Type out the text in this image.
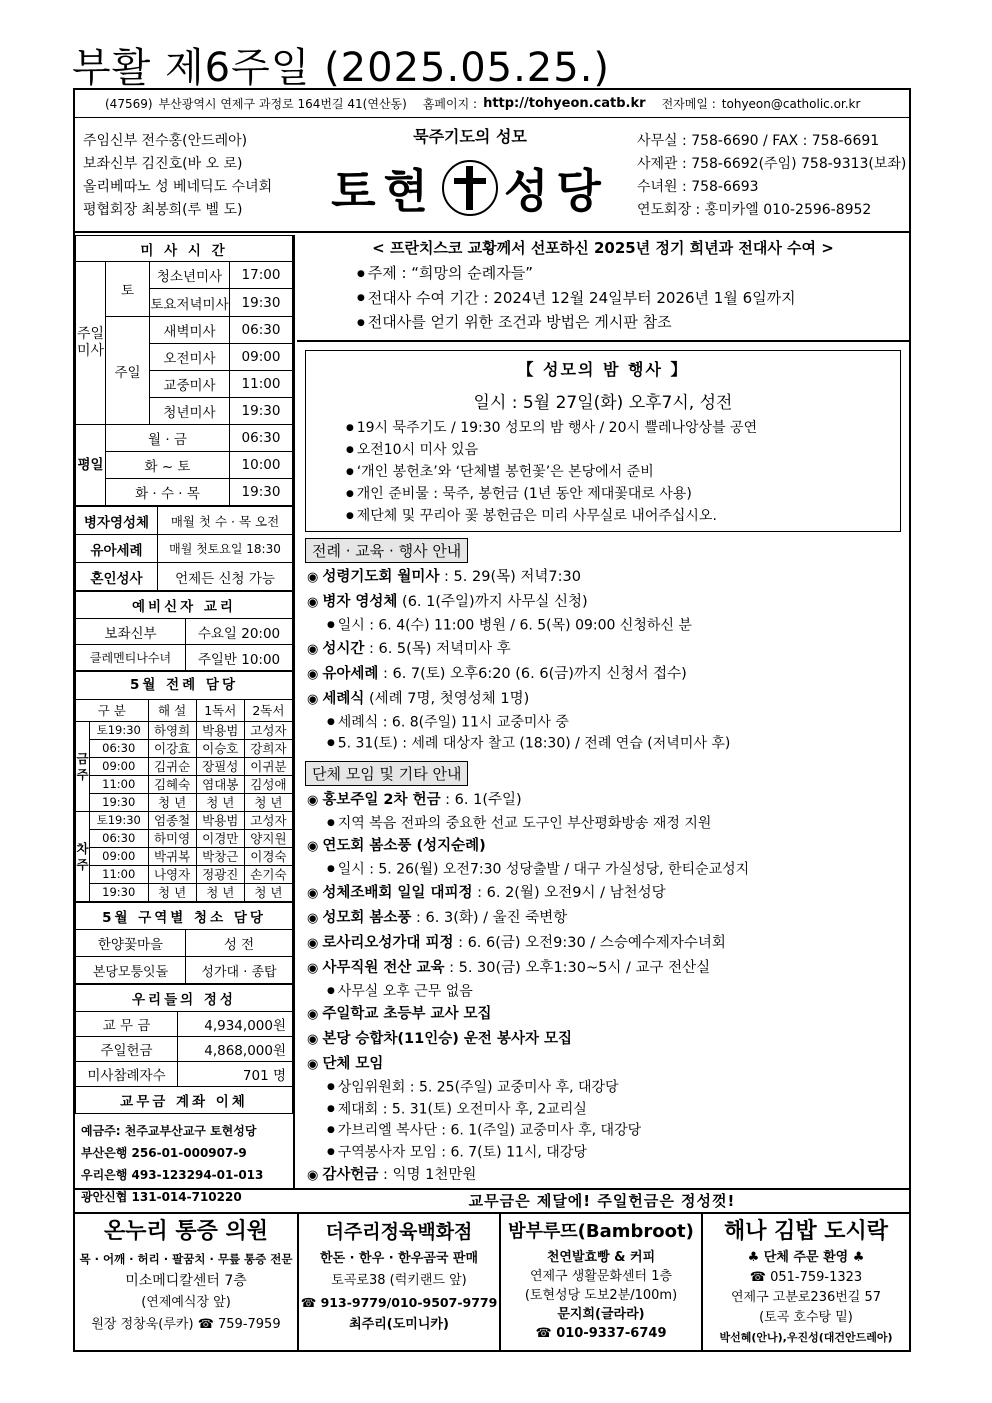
부활 제6주일 (2025.05.25.)
(47569) 부산광역시 연제구 과정로 164번길 41(연산동) 홈페이지 : http://tohyeon.catb.kr 전자메일 : tohyeon@catholic.or.kr
주임신부 전수홍(안드레아)
보좌신부 김진호(바 오 로)
올리베따노 성 베네딕도 수녀회
평협회장 최봉희(루 벨 도)
묵주기도의 성모
토현 성당
사무실 : 758-6690 / FAX : 758-6691
사제관 : 758-6692(주임) 758-9313(보좌)
수녀원 : 758-6693
연도회장 : 홍미카엘 010-2596-8952
미 사 시 간			
주일미사	토	청소년미사	17:00
		토요저녁미사	19:30
	주일	새벽미사	06:30
		오전미사	09:00
		교중미사	11:00
		청년미사	19:30
평일	월 · 금		06:30
	화 ~ 토		10:00
	화 · 수 · 목		19:30
병자영성체	매월 첫 수 · 목 오전
유아세례	매월 첫토요일 18:30
혼인성사	언제든 신청 가능
예비신자 교리	
보좌신부	수요일 20:00
클레멘티나수녀	주일반 10:00
5월 전례 담당				
구 분		해 설	1독서	2독서
금주	토19:30	하영희	박용범	고성자
	06:30	이강효	이승호	강희자
	09:00	김귀순	장필성	이귀분
	11:00	김혜숙	염대봉	김성애
	19:30	청 년	청 년	청 년
차주	토19:30	엄종철	박용범	고성자
	06:30	하미영	이경만	양지원
	09:00	박귀복	박창근	이경숙
	11:00	나영자	정광진	손기숙
	19:30	청 년	청 년	청 년
5월 구역별 청소 담당	
한양꽃마을	성 전
본당모퉁잇돌	성가대 · 종탑
우리들의 정성	
교 무 금	4,934,000원
주일헌금	4,868,000원
미사참례자수	701 명
교무금 계좌 이체	
예금주: 천주교부산교구 토현성당
부산은행 256-01-000907-9
우리은행 493-123294-01-013
광안신협 131-014-710220
< 프란치스코 교황께서 선포하신 2025년 정기 희년과 전대사 수여 >
● 주제 : “희망의 순례자들”
● 전대사 수여 기간 : 2024년 12월 24일부터 2026년 1월 6일까지
● 전대사를 얻기 위한 조건과 방법은 게시판 참조
【 성모의 밤 행사 】
일시 : 5월 27일(화) 오후7시, 성전
● 19시 묵주기도 / 19:30 성모의 밤 행사 / 20시 쁠레나앙상블 공연
● 오전10시 미사 있음
● ‘개인 봉헌초’와 ‘단체별 봉헌꽃’은 본당에서 준비
● 개인 준비물 : 묵주, 봉헌금 (1년 동안 제대꽃대로 사용)
● 제단체 및 꾸리아 꽃 봉헌금은 미리 사무실로 내어주십시오.
전례 · 교육 · 행사 안내
◉ 성령기도회 월미사 : 5. 29(목) 저녁7:30
◉ 병자 영성체 (6. 1(주일)까지 사무실 신청)
● 일시 : 6. 4(수) 11:00 병원 / 6. 5(목) 09:00 신청하신 분
◉ 성시간 : 6. 5(목) 저녁미사 후
◉ 유아세례 : 6. 7(토) 오후6:20 (6. 6(금)까지 신청서 접수)
◉ 세례식 (세례 7명, 첫영성체 1명)
● 세례식 : 6. 8(주일) 11시 교중미사 중
● 5. 31(토) : 세례 대상자 찰고 (18:30) / 전례 연습 (저녁미사 후)
단체 모임 및 기타 안내
◉ 홍보주일 2차 헌금 : 6. 1(주일)
● 지역 복음 전파의 중요한 선교 도구인 부산평화방송 재정 지원
◉ 연도회 봄소풍 (성지순례)
● 일시 : 5. 26(월) 오전7:30 성당출발 / 대구 가실성당, 한티순교성지
◉ 성체조배회 일일 대피정 : 6. 2(월) 오전9시 / 남천성당
◉ 성모회 봄소풍 : 6. 3(화) / 울진 죽변항
◉ 로사리오성가대 피정 : 6. 6(금) 오전9:30 / 스승예수제자수녀회
◉ 사무직원 전산 교육 : 5. 30(금) 오후1:30~5시 / 교구 전산실
● 사무실 오후 근무 없음
◉ 주일학교 초등부 교사 모집
◉ 본당 승합차(11인승) 운전 봉사자 모집
◉ 단체 모임
● 상임위원회 : 5. 25(주일) 교중미사 후, 대강당
● 제대회 : 5. 31(토) 오전미사 후, 2교리실
● 가브리엘 복사단 : 6. 1(주일) 교중미사 후, 대강당
● 구역봉사자 모임 : 6. 7(토) 11시, 대강당
◉ 감사헌금 : 익명 1천만원
교무금은 제달에! 주일헌금은 정성껏!
온누리 통증 의원
목 · 어깨 · 허리 · 팔꿈치 · 무릎 통증 전문
미소메디칼센터 7층
(연제예식장 앞)
원장 정창욱(루카) ☎ 759-7959
더주리정육백화점
한돈 · 한우 · 한우곰국 판매
토곡로38 (럭키랜드 앞)
☎ 913-9779/010-9507-9779
최주리(도미니카)
밤부루뜨(Bambroot)
천연발효빵 & 커피
연제구 생활문화센터 1층
(토현성당 도보2분/100m)
문지희(글라라)
☎ 010-9337-6749
해나 김밥 도시락
♣ 단체 주문 환영 ♣
☎ 051-759-1323
연제구 고분로236번길 57
(토곡 호수탕 밑)
박선혜(안나),우진성(대건안드레아)
